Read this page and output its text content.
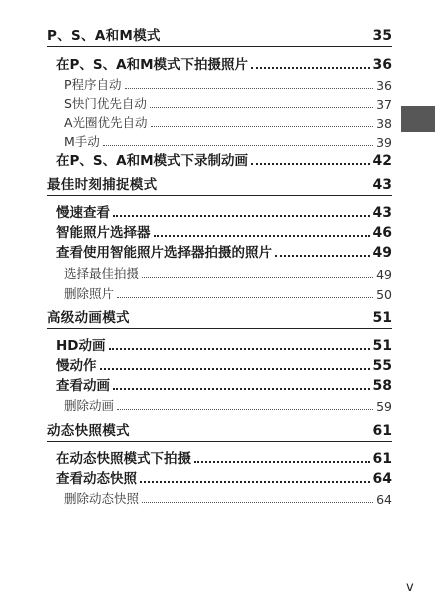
P、S、A和M模式	35
在P、S、A和M模式下拍摄照片	36
P程序自动	36
S快门优先自动	37
A光圈优先自动	38
M手动	39
在P、S、A和M模式下录制动画	42
最佳时刻捕捉模式	43
慢速查看	43
智能照片选择器	46
查看使用智能照片选择器拍摄的照片	49
选择最佳拍摄	49
删除照片	50
高级动画模式	51
HD动画	51
慢动作	55
查看动画	58
删除动画	59
动态快照模式	61
在动态快照模式下拍摄	61
查看动态快照	64
删除动态快照	64
v
